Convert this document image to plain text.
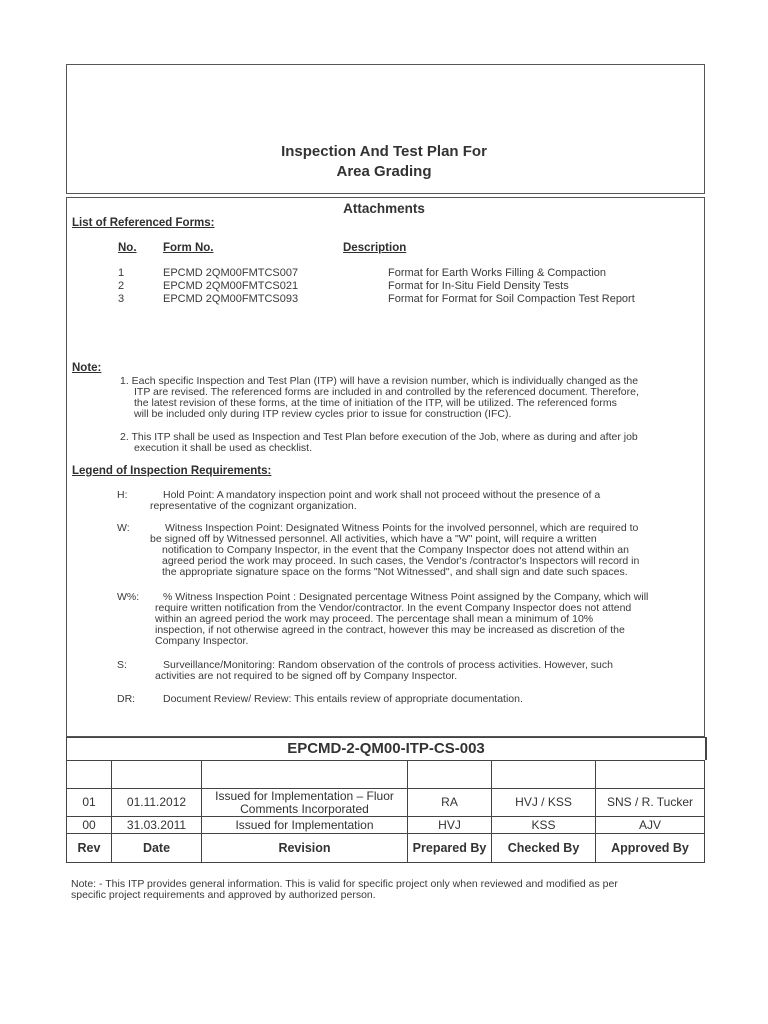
Inspection And Test Plan For
Area Grading
Attachments
List of Referenced Forms:
No. Form No.	Description
1	EPCMD 2QM00FMTCS007	Format for Earth Works Filling & Compaction
2	EPCMD 2QM00FMTCS021	Format for In-Situ Field Density Tests
3	EPCMD 2QM00FMTCS093	Format for Format for Soil Compaction Test Report
Note:
1. Each specific Inspection and Test Plan (ITP) will have a revision number, which is individually changed as the
ITP are revised. The referenced forms are included in and controlled by the referenced document. Therefore,
the latest revision of these forms, at the time of initiation of the ITP, will be utilized. The referenced forms
will be included only during ITP review cycles prior to issue for construction (IFC).
2. This ITP shall be used as Inspection and Test Plan before execution of the Job, where as during and after job
execution it shall be used as checklist.
Legend of Inspection Requirements:
H:	Hold Point: A mandatory inspection point and work shall not proceed without the presence of a
representative of the cognizant organization.
W:	Witness Inspection Point: Designated Witness Points for the involved personnel, which are required to
be signed off by Witnessed personnel. All activities, which have a "W" point, will require a written
notification to Company Inspector, in the event that the Company Inspector does not attend within an
agreed period the work may proceed. In such cases, the Vendor's /contractor's Inspectors will record in
the appropriate signature space on the forms "Not Witnessed", and shall sign and date such spaces.
W%:	% Witness Inspection Point : Designated percentage Witness Point assigned by the Company, which will
require written notification from the Vendor/contractor. In the event Company Inspector does not attend
within an agreed period the work may proceed. The percentage shall mean a minimum of 10%
inspection, if not otherwise agreed in the contract, however this may be increased as discretion of the
Company Inspector.
S:	Surveillance/Monitoring: Random observation of the controls of process activities. However, such
activities are not required to be signed off by Company Inspector.
DR:	Document Review/ Review: This entails review of appropriate documentation.
EPCMD-2-QM00-ITP-CS-003

01	01.11.2012	Issued for Implementation – Fluor Comments Incorporated	RA	HVJ / KSS	SNS / R. Tucker
00	31.03.2011	Issued for Implementation	HVJ	KSS	AJV
Rev	Date	Revision	Prepared By	Checked By	Approved By
Note: - This ITP provides general information. This is valid for specific project only when reviewed and modified as per
specific project requirements and approved by authorized person.
